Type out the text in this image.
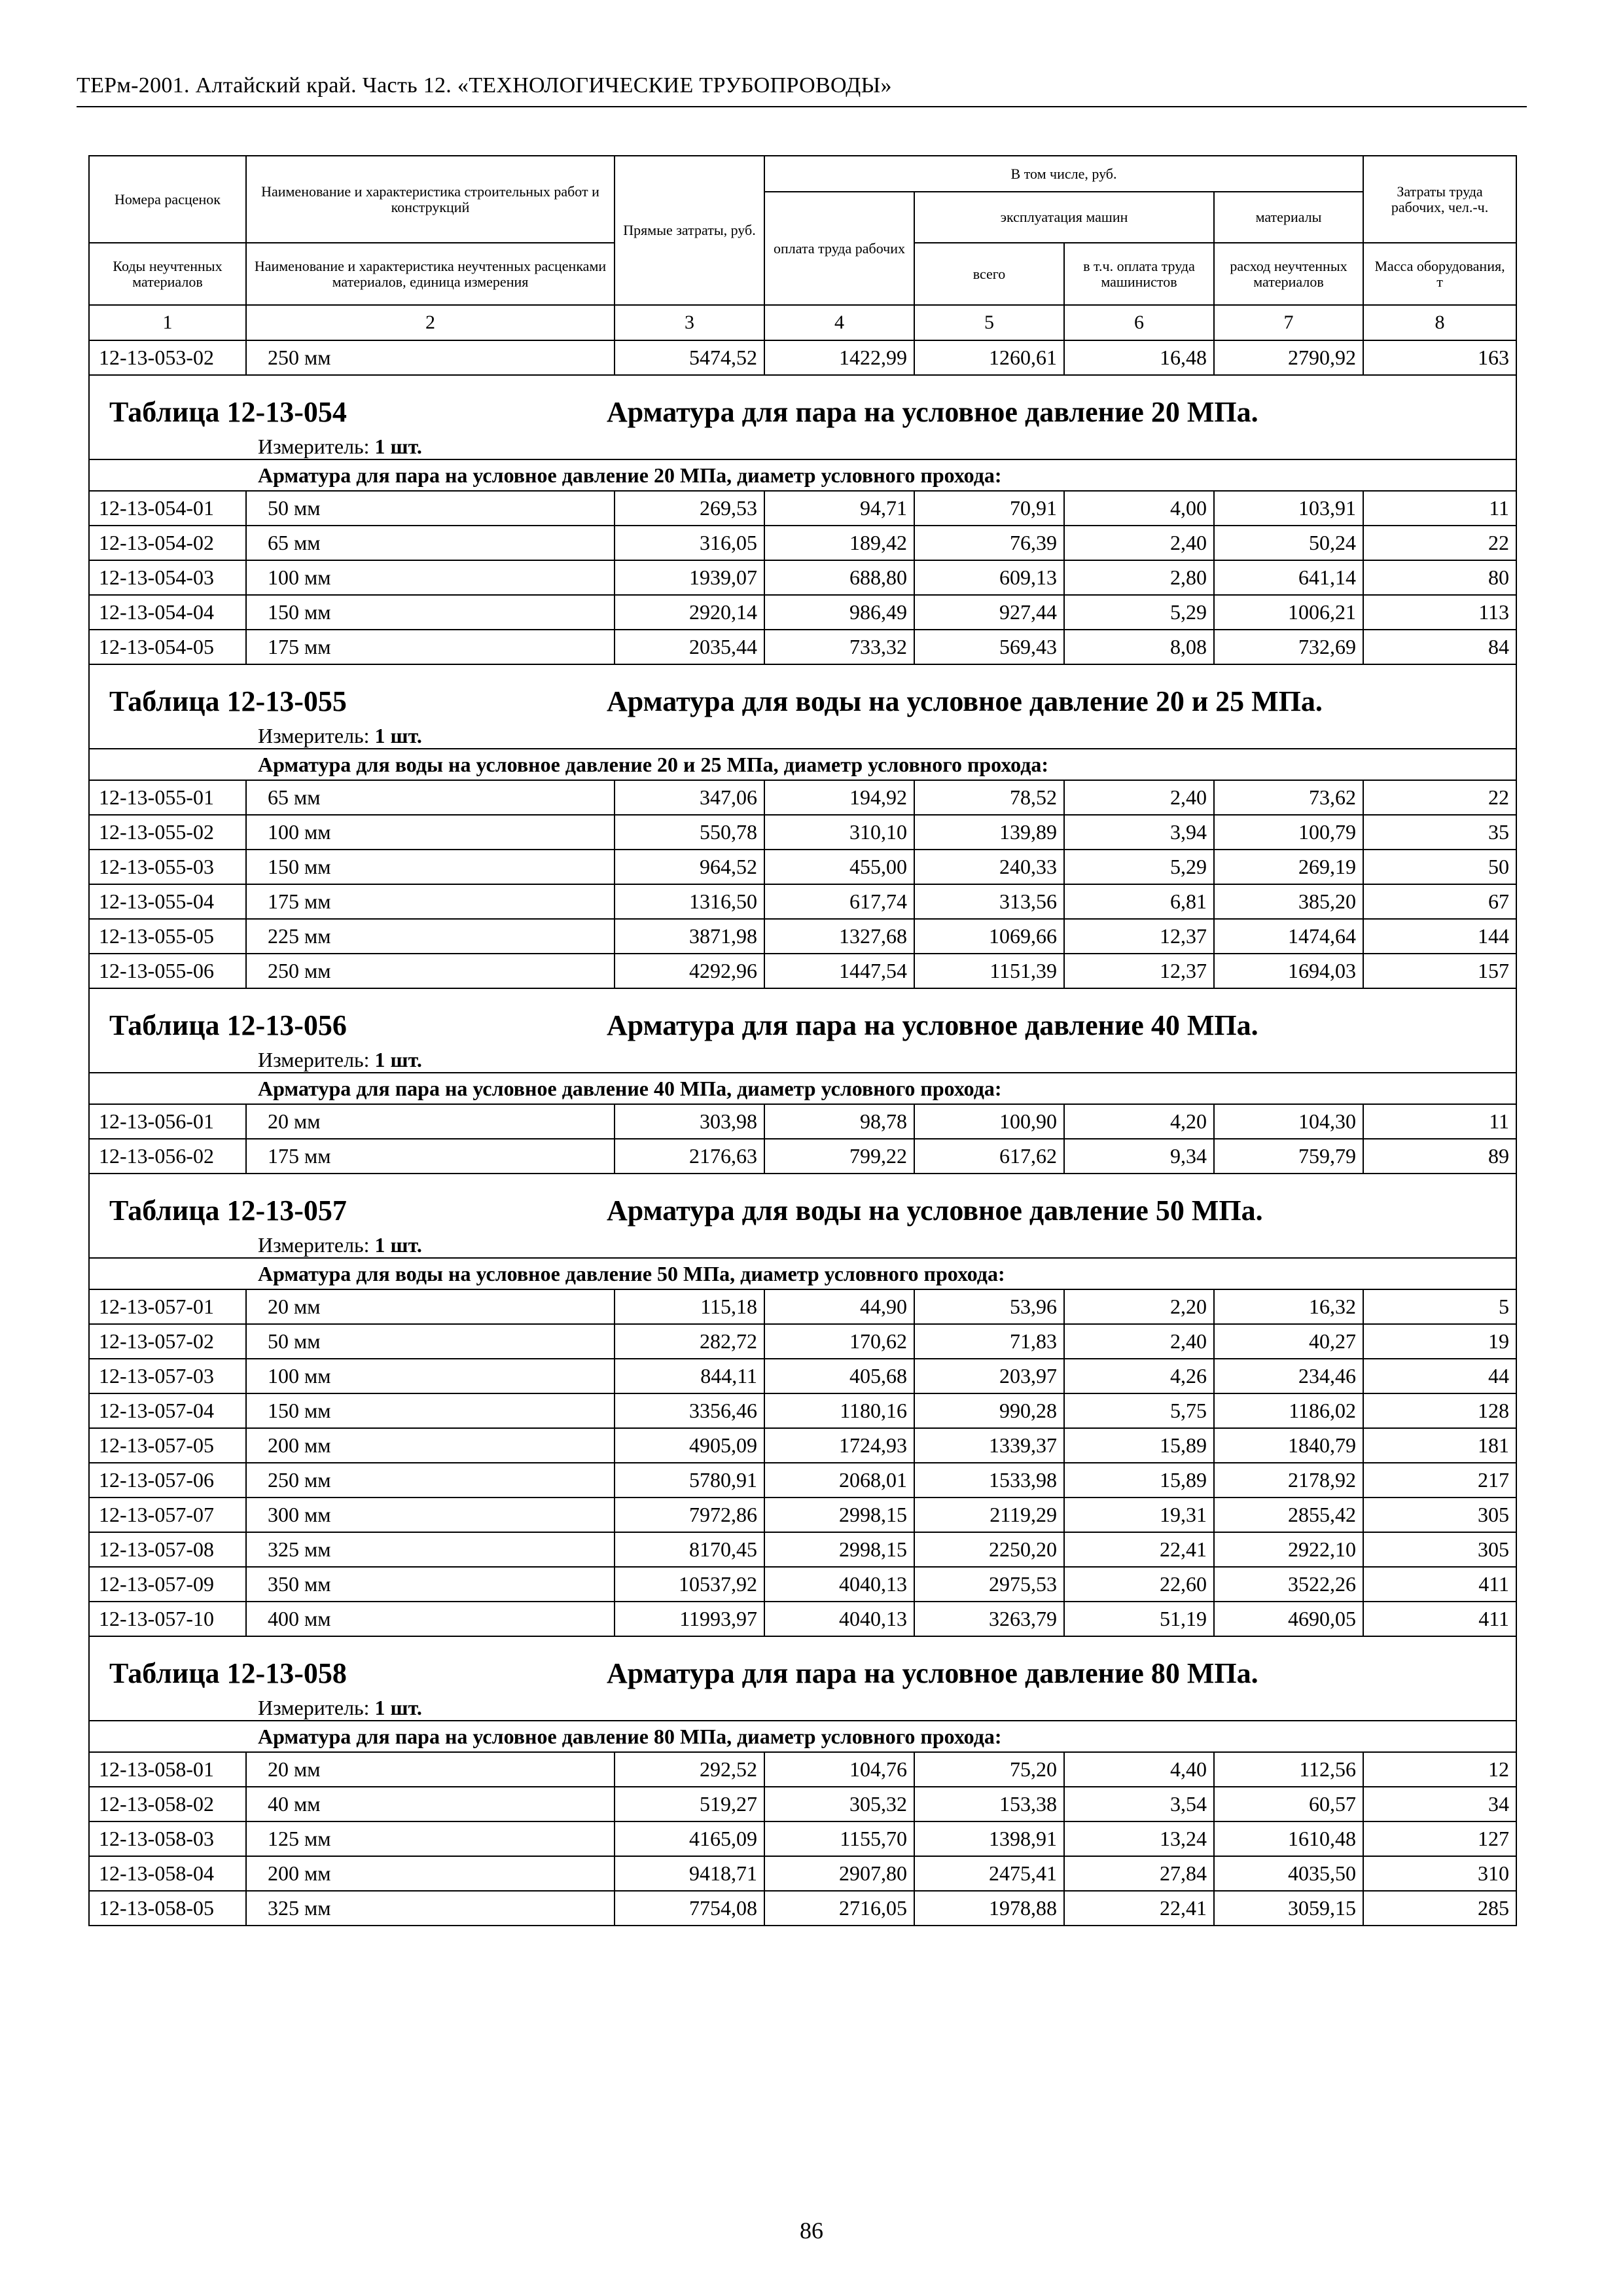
ТЕРм-2001. Алтайский край. Часть 12. «ТЕХНОЛОГИЧЕСКИЕ ТРУБОПРОВОДЫ»
Номера расценок	Наименование и характеристика строительных работ и конструкций	Прямые затраты, руб.	В том числе, руб.				Затраты труда рабочих, чел.-ч.
			оплата труда рабочих	эксплуатация машин		материалы	
Коды неучтенных материалов	Наименование и характеристика неучтенных расценками материалов, единица измерения			всего	в т.ч. оплата труда машинистов	расход неучтенных материалов	Масса оборудования, т
1	2	3	4	5	6	7	8
12-13-053-02	250 мм	5474,52	1422,99	1260,61	16,48	2790,92	163

Таблица 12-13-054 Арматура для пара на условное давление 20 МПа.							

Измеритель: 1 шт.							
Арматура для пара на условное давление 20 МПа, диаметр условного прохода:							
12-13-054-01	50 мм	269,53	94,71	70,91	4,00	103,91	11
12-13-054-02	65 мм	316,05	189,42	76,39	2,40	50,24	22
12-13-054-03	100 мм	1939,07	688,80	609,13	2,80	641,14	80
12-13-054-04	150 мм	2920,14	986,49	927,44	5,29	1006,21	113
12-13-054-05	175 мм	2035,44	733,32	569,43	8,08	732,69	84

Таблица 12-13-055 Арматура для воды на условное давление 20 и 25 МПа.							

Измеритель: 1 шт.							
Арматура для воды на условное давление 20 и 25 МПа, диаметр условного прохода:							
12-13-055-01	65 мм	347,06	194,92	78,52	2,40	73,62	22
12-13-055-02	100 мм	550,78	310,10	139,89	3,94	100,79	35
12-13-055-03	150 мм	964,52	455,00	240,33	5,29	269,19	50
12-13-055-04	175 мм	1316,50	617,74	313,56	6,81	385,20	67
12-13-055-05	225 мм	3871,98	1327,68	1069,66	12,37	1474,64	144
12-13-055-06	250 мм	4292,96	1447,54	1151,39	12,37	1694,03	157

Таблица 12-13-056 Арматура для пара на условное давление 40 МПа.							

Измеритель: 1 шт.							
Арматура для пара на условное давление 40 МПа, диаметр условного прохода:							
12-13-056-01	20 мм	303,98	98,78	100,90	4,20	104,30	11
12-13-056-02	175 мм	2176,63	799,22	617,62	9,34	759,79	89

Таблица 12-13-057 Арматура для воды на условное давление 50 МПа.							

Измеритель: 1 шт.							
Арматура для воды на условное давление 50 МПа, диаметр условного прохода:							
12-13-057-01	20 мм	115,18	44,90	53,96	2,20	16,32	5
12-13-057-02	50 мм	282,72	170,62	71,83	2,40	40,27	19
12-13-057-03	100 мм	844,11	405,68	203,97	4,26	234,46	44
12-13-057-04	150 мм	3356,46	1180,16	990,28	5,75	1186,02	128
12-13-057-05	200 мм	4905,09	1724,93	1339,37	15,89	1840,79	181
12-13-057-06	250 мм	5780,91	2068,01	1533,98	15,89	2178,92	217
12-13-057-07	300 мм	7972,86	2998,15	2119,29	19,31	2855,42	305
12-13-057-08	325 мм	8170,45	2998,15	2250,20	22,41	2922,10	305
12-13-057-09	350 мм	10537,92	4040,13	2975,53	22,60	3522,26	411
12-13-057-10	400 мм	11993,97	4040,13	3263,79	51,19	4690,05	411

Таблица 12-13-058 Арматура для пара на условное давление 80 МПа.							

Измеритель: 1 шт.							
Арматура для пара на условное давление 80 МПа, диаметр условного прохода:							
12-13-058-01	20 мм	292,52	104,76	75,20	4,40	112,56	12
12-13-058-02	40 мм	519,27	305,32	153,38	3,54	60,57	34
12-13-058-03	125 мм	4165,09	1155,70	1398,91	13,24	1610,48	127
12-13-058-04	200 мм	9418,71	2907,80	2475,41	27,84	4035,50	310
12-13-058-05	325 мм	7754,08	2716,05	1978,88	22,41	3059,15	285
86
